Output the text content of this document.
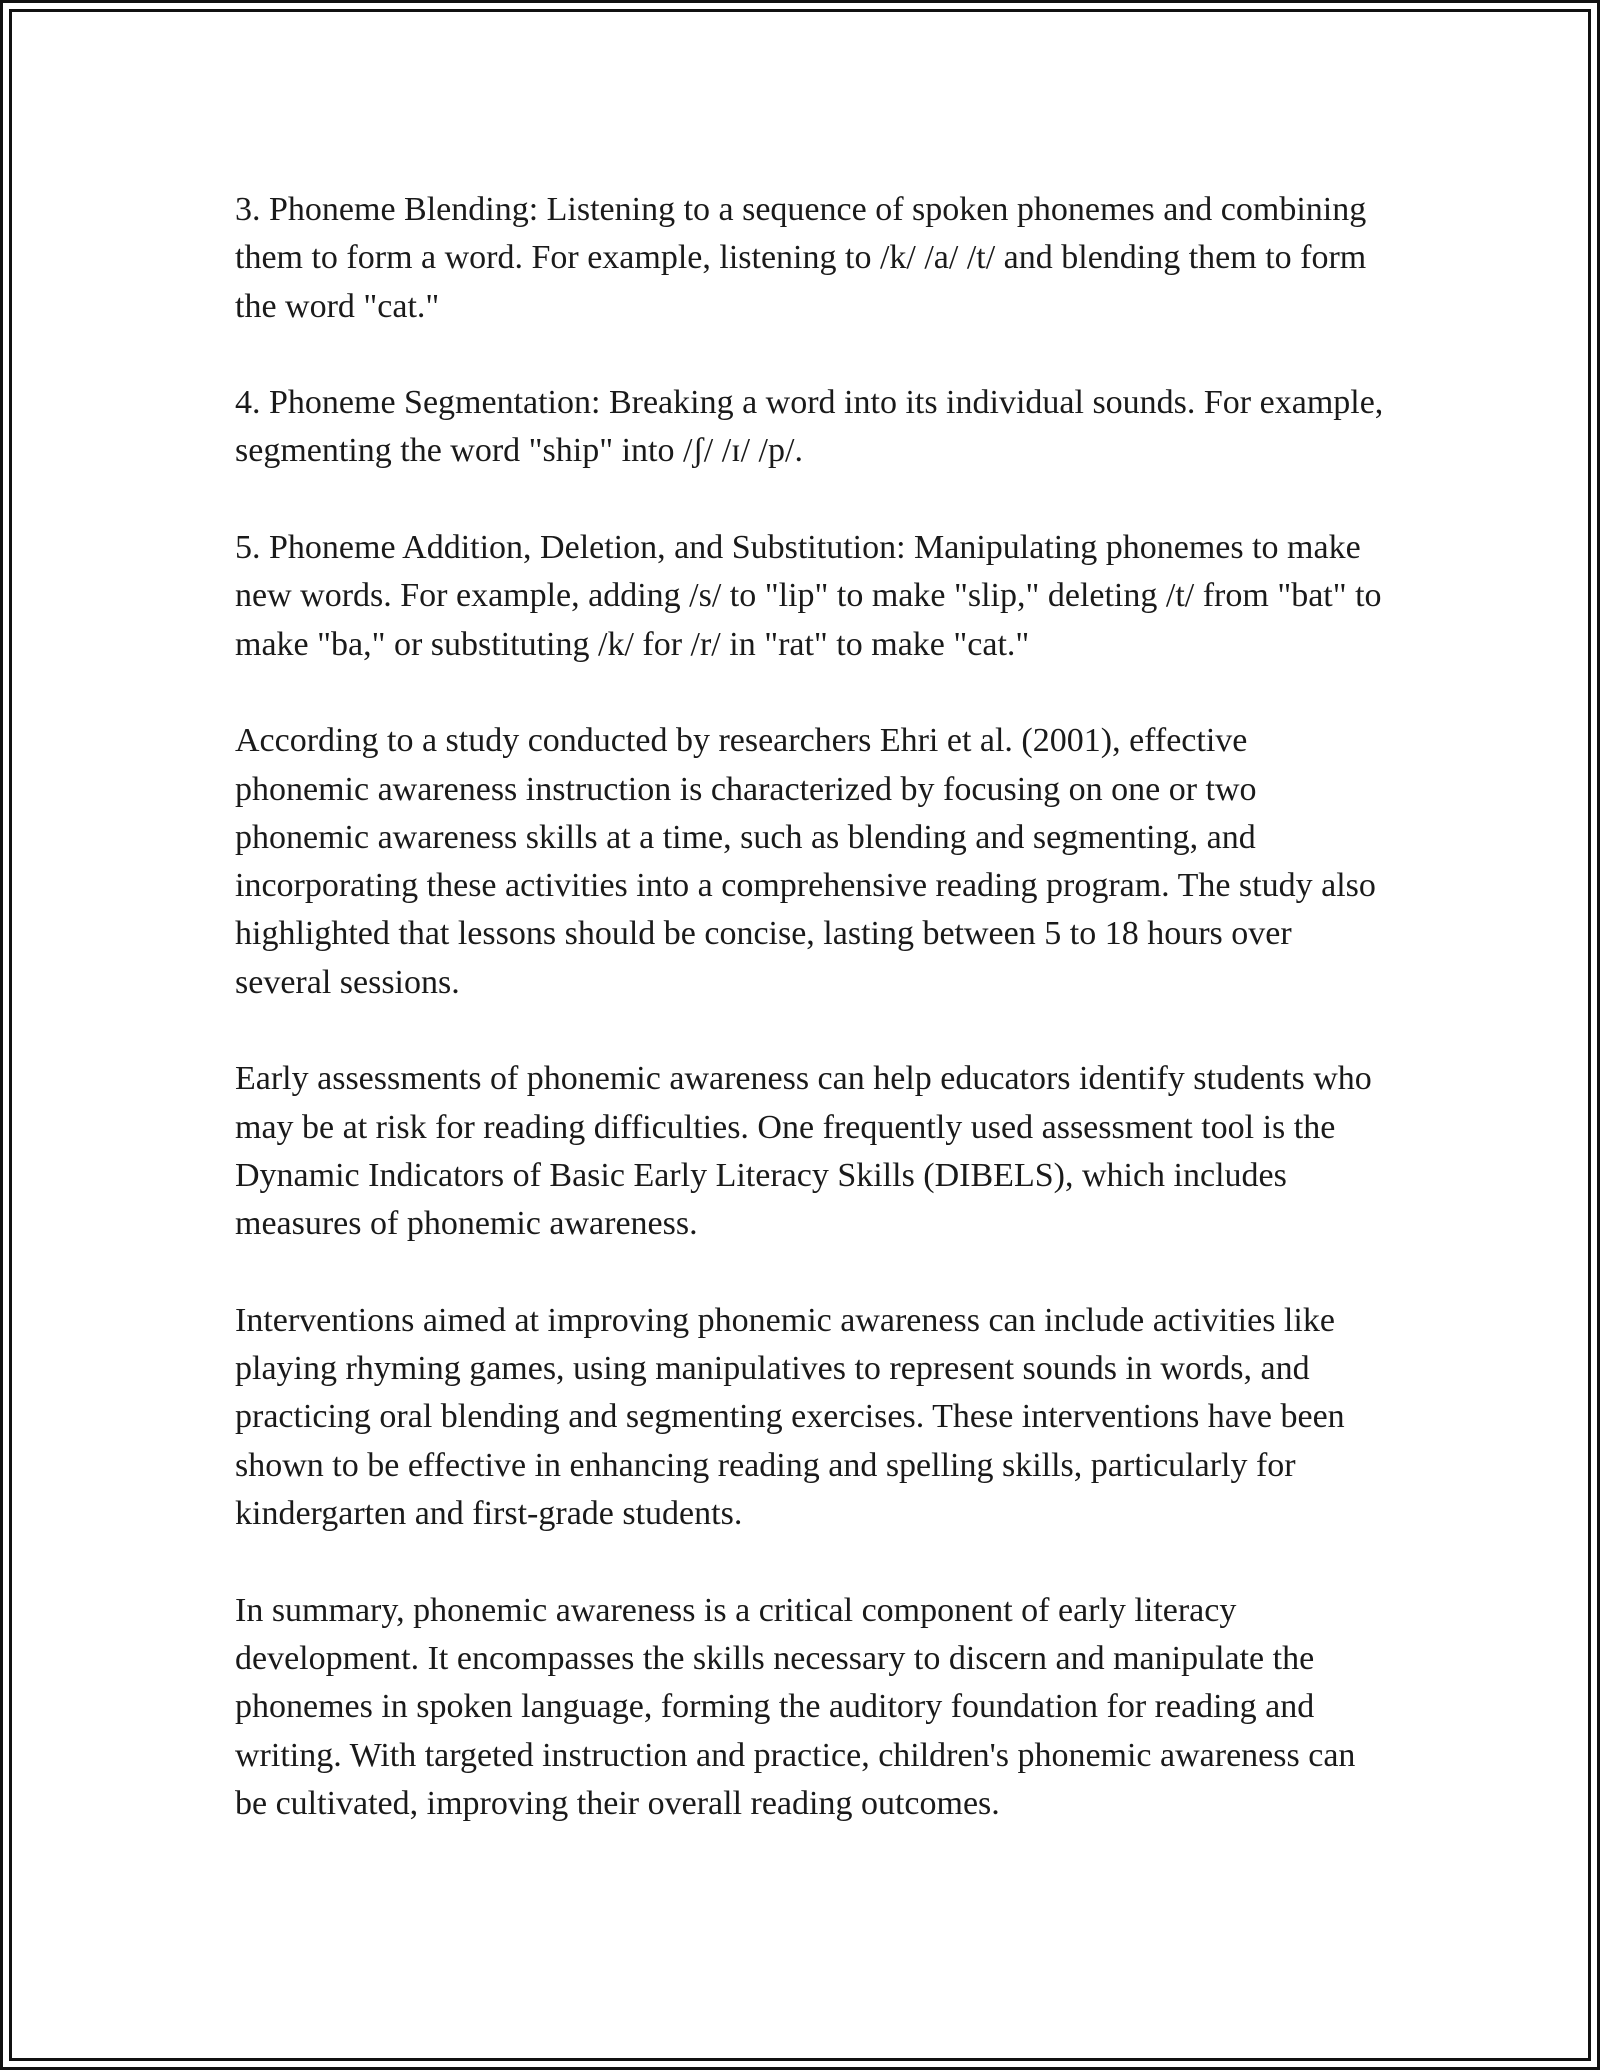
3. Phoneme Blending: Listening to a sequence of spoken phonemes and combining them to form a word. For example, listening to /k/ /a/ /t/ and blending them to form the word "cat."

4. Phoneme Segmentation: Breaking a word into its individual sounds. For example, segmenting the word "ship" into /ʃ/ /ɪ/ /p/.

5. Phoneme Addition, Deletion, and Substitution: Manipulating phonemes to make new words. For example, adding /s/ to "lip" to make "slip," deleting /t/ from "bat" to make "ba," or substituting /k/ for /r/ in "rat" to make "cat."

According to a study conducted by researchers Ehri et al. (2001), effective phonemic awareness instruction is characterized by focusing on one or two phonemic awareness skills at a time, such as blending and segmenting, and incorporating these activities into a comprehensive reading program. The study also highlighted that lessons should be concise, lasting between 5 to 18 hours over several sessions.

Early assessments of phonemic awareness can help educators identify students who may be at risk for reading difficulties. One frequently used assessment tool is the Dynamic Indicators of Basic Early Literacy Skills (DIBELS), which includes measures of phonemic awareness.

Interventions aimed at improving phonemic awareness can include activities like playing rhyming games, using manipulatives to represent sounds in words, and practicing oral blending and segmenting exercises. These interventions have been shown to be effective in enhancing reading and spelling skills, particularly for kindergarten and first-grade students.

In summary, phonemic awareness is a critical component of early literacy development. It encompasses the skills necessary to discern and manipulate the phonemes in spoken language, forming the auditory foundation for reading and writing. With targeted instruction and practice, children's phonemic awareness can be cultivated, improving their overall reading outcomes.
